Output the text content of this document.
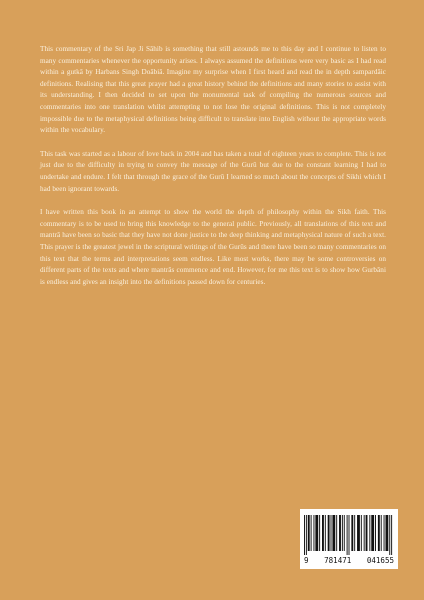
This commentary of the Sri Jap Ji Sāhib is something that still astounds me to this day and I continue to listen to many commentaries whenever the opportunity arises. I always assumed the definitions were very basic as I had read within a gutkā by Harbans Singh Doābiā. Imagine my surprise when I first heard and read the in depth sampardāic definitions. Realising that this great prayer had a great history behind the definitions and many stories to assist with its understanding. I then decided to set upon the monumental task of compiling the numerous sources and commentaries into one translation whilst attempting to not lose the original definitions. This is not completely impossible due to the metaphysical definitions being difficult to translate into English without the appropriate words within the vocabulary.

This task was started as a labour of love back in 2004 and has taken a total of eighteen years to complete. This is not just due to the difficulty in trying to convey the message of the Gurū but due to the constant learning I had to undertake and endure. I felt that through the grace of the Gurū I learned so much about the concepts of Sikhi which I had been ignorant towards.

I have written this book in an attempt to show the world the depth of philosophy within the Sikh faith. This commentary is to be used to bring this knowledge to the general public. Previously, all translations of this text and mantrā have been so basic that they have not done justice to the deep thinking and metaphysical nature of such a text. This prayer is the greatest jewel in the scriptural writings of the Gurūs and there have been so many commentaries on this text that the terms and interpretations seem endless. Like most works, there may be some controversies on different parts of the texts and where mantrās commence and end. However, for me this text is to show how Gurbāni is endless and gives an insight into the definitions passed down for centuries.

9 781471 041655
